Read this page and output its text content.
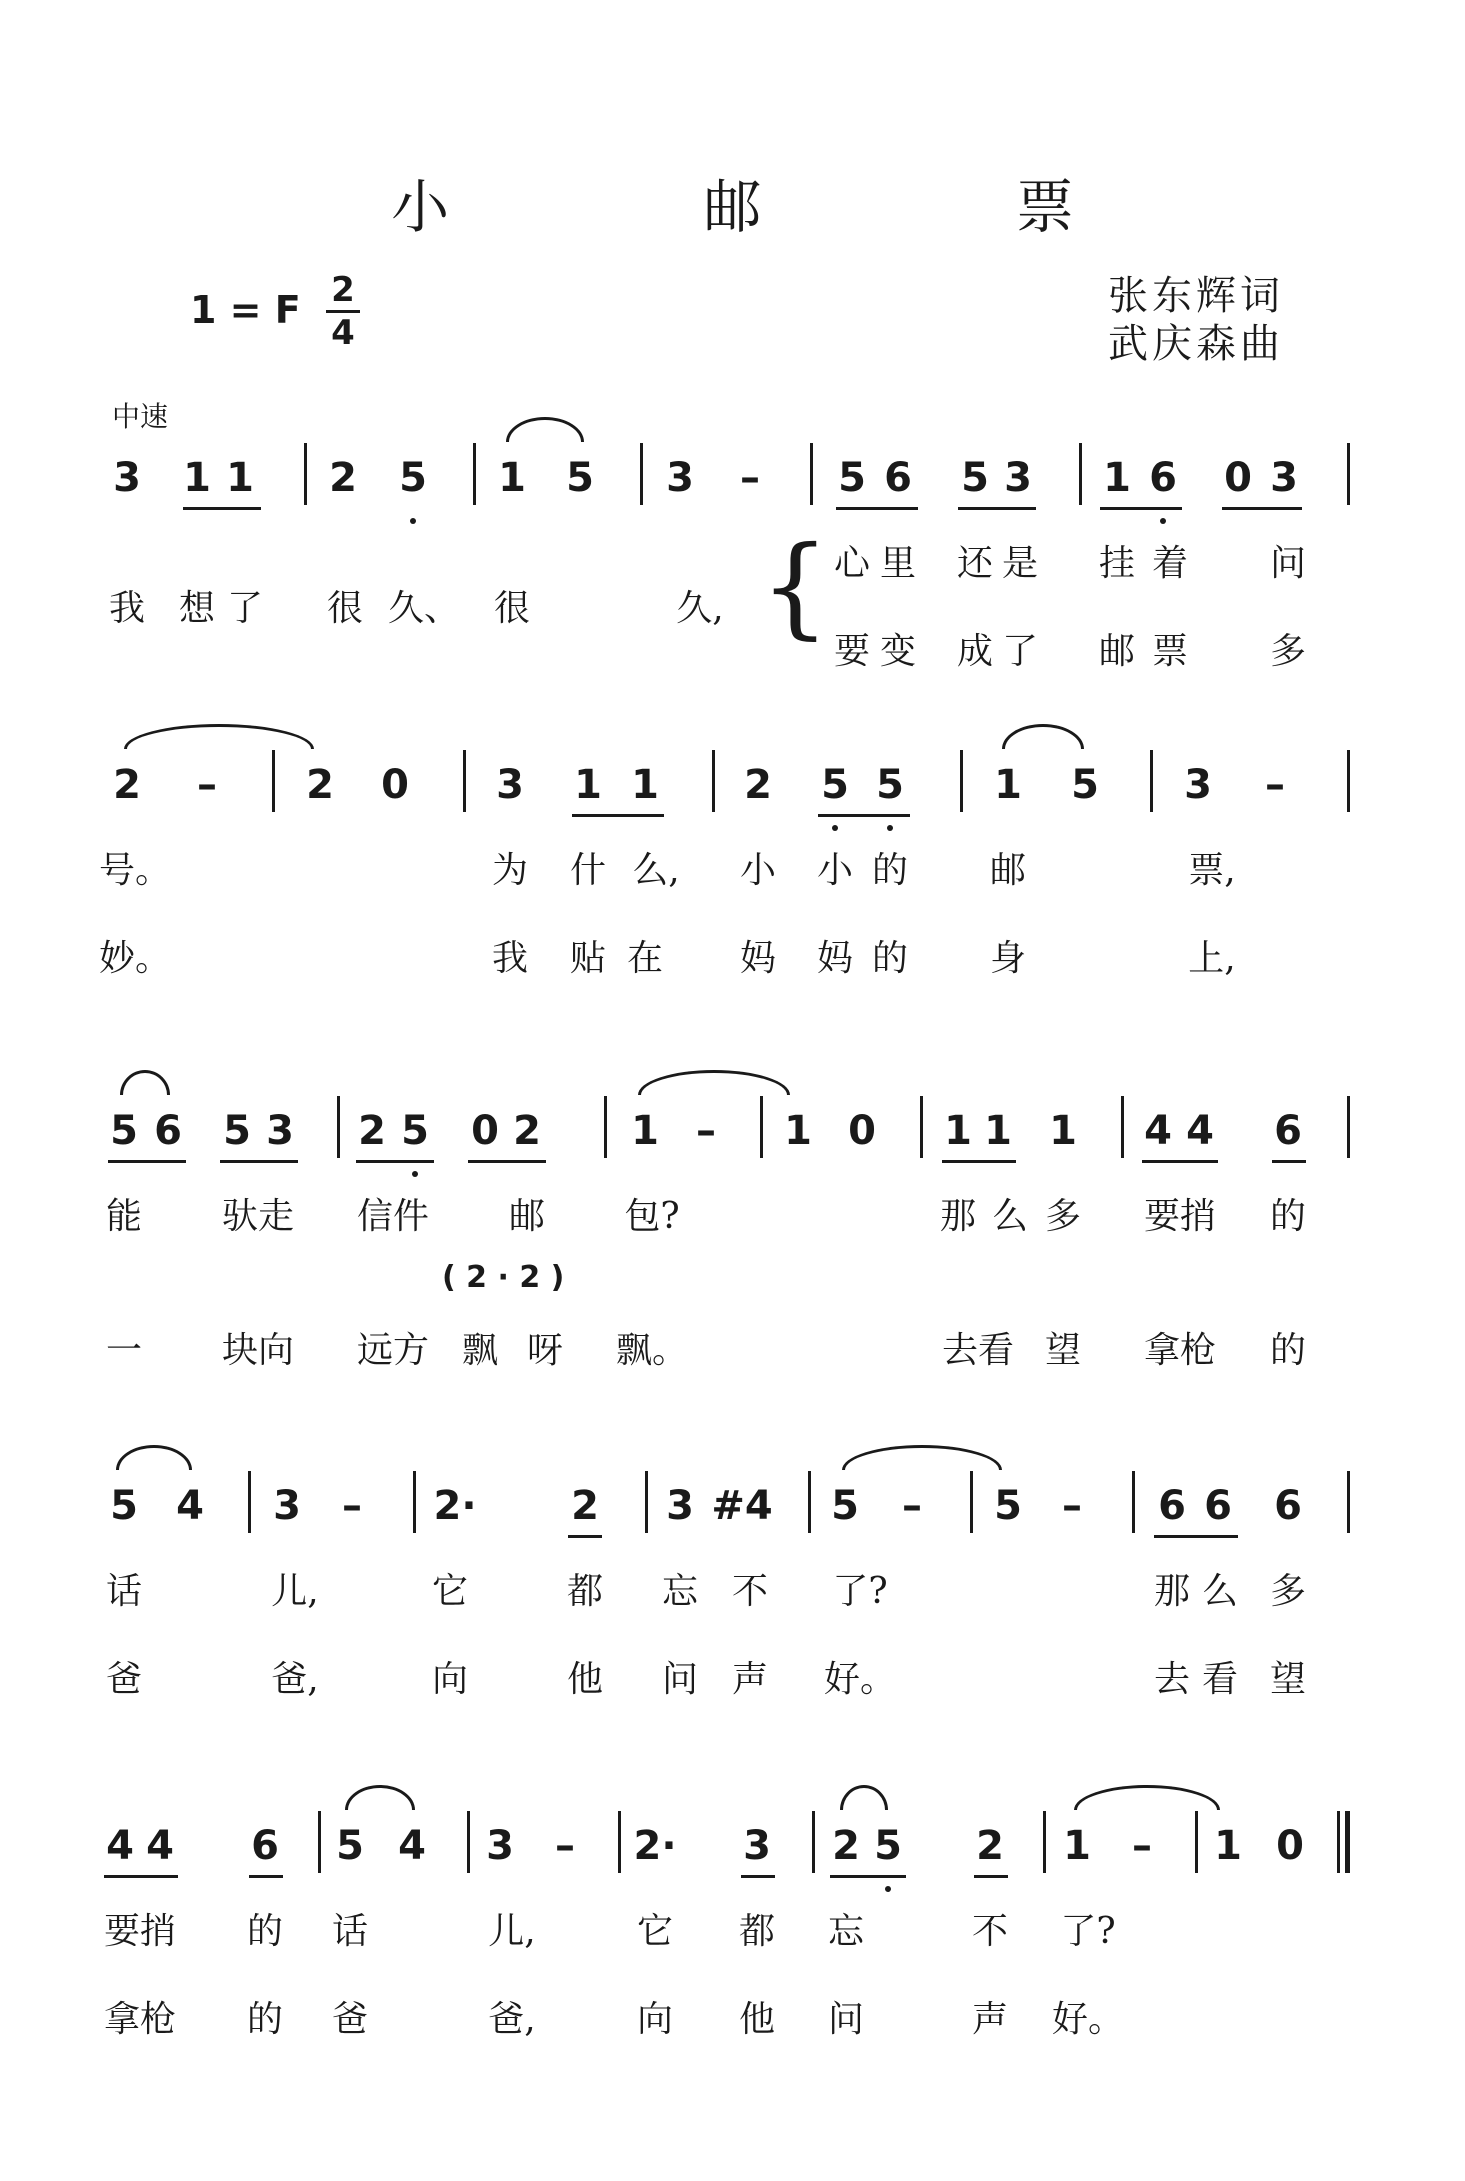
小 邮 票
1 = F 2
4
张东辉词
武庆森曲
中速
3 1 1 2 5 1 5 3 – 5 6 5 3 1 6 0 3
我 想 了 很 久、 很	久, { 心 里 还 是 挂 着 问
要 变 成 了 邮 票 多
2 – 2 0 3 1 1 2 5 5 1 5 3 –
号。	为 什 么, 小 小 的 邮	票,
妙。	我 贴 在 妈 妈 的 身	上,
5 6 5 3 2 5 0 2 1 – 1 0 1 1 1 4 4 6
能 驮走 信件 邮 包?	那 么 多 要捎 的
( 2 · 2 )
一 块向 远方 飘 呀 飘。	去看 望 拿枪 的
5 4 3 – 2· 2 3 #4 5 – 5 – 6 6 6
话	儿,	它	都 忘 不 了?	那 么 多
爸	爸,	向	他 问 声 好。	去 看 望
4 4 6 5 4 3 – 2· 3 2 5 2 1 – 1 0
要捎 的 话	儿,	它 都 忘	不 了?
拿枪 的 爸	爸,	向 他 问	声 好。
